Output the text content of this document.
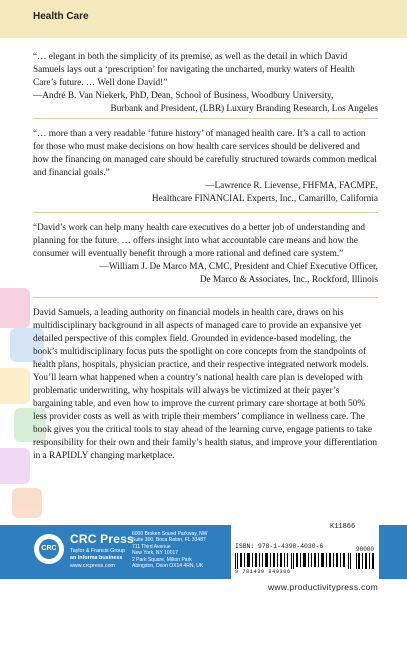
Health Care

“… elegant in both the simplicity of its premise, as well as the detail in which David Samuels lays out a ‘prescription’ for navigating the uncharted, murky waters of Health Care’s future. … Well done David!”

—André B. Van Niekerk, PhD, Dean, School of Business, Woodbury University,
Burbank and President, (LBR) Luxury Branding Research, Los Angeles

“… more than a very readable ‘future history’ of managed health care. It’s a call to action for those who must make decisions on how health care services should be delivered and how the financing on managed care should be carefully structured towards common medical and financial goals.”

—Lawrence R. Lievense, FHFMA, FACMPE,
Healthcare FINANCIAL Experts, Inc., Camarillo, California

“David’s work can help many health care executives do a better job of understanding and planning for the future. … offers insight into what accountable care means and how the consumer will eventually benefit through a more rational and defined care system.”

—William J. De Marco MA, CMC, President and Chief Executive Officer,
De Marco & Associates, Inc., Rockford, Illinois

David Samuels, a leading authority on financial models in health care, draws on his multidisciplinary background in all aspects of managed care to provide an expansive yet detailed perspective of this complex field. Grounded in evidence-based modeling, the book’s multidisciplinary focus puts the spotlight on core concepts from the standpoints of health plans, hospitals, physician practice, and their respective integrated network models. You’ll learn what happened when a country’s national health care plan is developed with problematic underwriting, why hospitals will always be victimized at their payer’s bargaining table, and even how to improve the current primary care shortage at both 50% less provider costs as well as with triple their members’ compliance in wellness care. The book gives you the critical tools to stay ahead of the learning curve, engage patients to take responsibility for their own and their family’s health status, and improve your differentiation in a RAPIDLY changing marketplace.

CRC
CRC Press
Taylor & Francis Group
an informa business
www.crcpress.com
6000 Broken Sound Parkway, NW
Suite 300, Boca Raton, FL 33487
711 Third Avenue
New York, NY 10017
2 Park Square, Milton Park
Abingdon, Oxon OX14 4RN, UK
K11866
ISBN: 978-1-4398-4030-6	90000
9 781439 840306
www.productivitypress.com
